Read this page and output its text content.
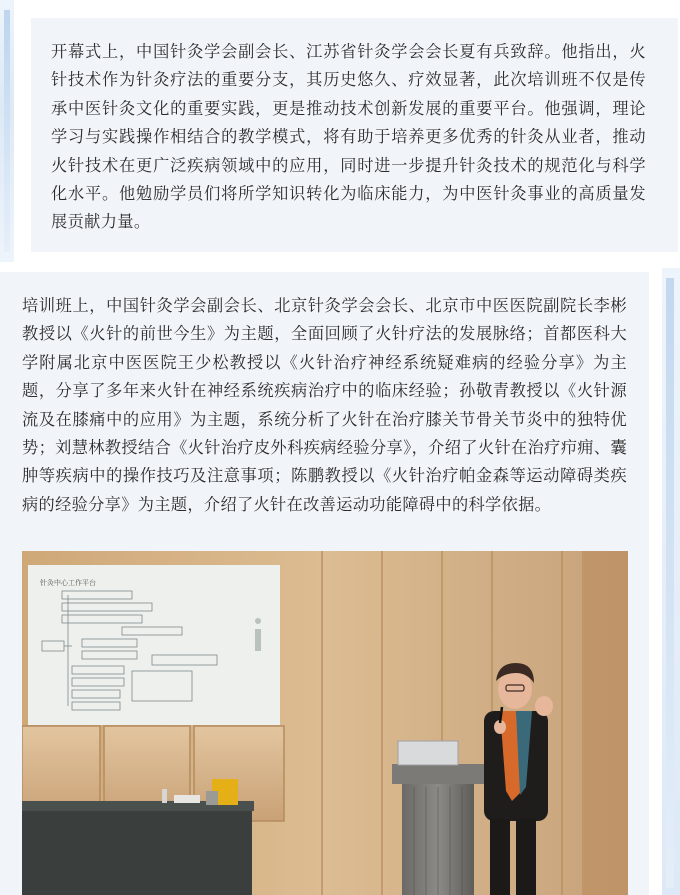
开幕式上，中国针灸学会副会长、江苏省针灸学会会长夏有兵致辞。他指出，火针技术作为针灸疗法的重要分支，其历史悠久、疗效显著，此次培训班不仅是传承中医针灸文化的重要实践，更是推动技术创新发展的重要平台。他强调，理论学习与实践操作相结合的教学模式，将有助于培养更多优秀的针灸从业者，推动火针技术在更广泛疾病领域中的应用，同时进一步提升针灸技术的规范化与科学化水平。他勉励学员们将所学知识转化为临床能力，为中医针灸事业的高质量发展贡献力量。

培训班上，中国针灸学会副会长、北京针灸学会会长、北京市中医医院副院长李彬教授以《火针的前世今生》为主题，全面回顾了火针疗法的发展脉络；首都医科大学附属北京中医医院王少松教授以《火针治疗神经系统疑难病的经验分享》为主题，分享了多年来火针在神经系统疾病治疗中的临床经验；孙敬青教授以《火针源流及在膝痛中的应用》为主题，系统分析了火针在治疗膝关节骨关节炎中的独特优势；刘慧林教授结合《火针治疗皮外科疾病经验分享》，介绍了火针在治疗疖痈、囊肿等疾病中的操作技巧及注意事项；陈鹏教授以《火针治疗帕金森等运动障碍类疾病的经验分享》为主题，介绍了火针在改善运动功能障碍中的科学依据。

针灸中心工作平台
